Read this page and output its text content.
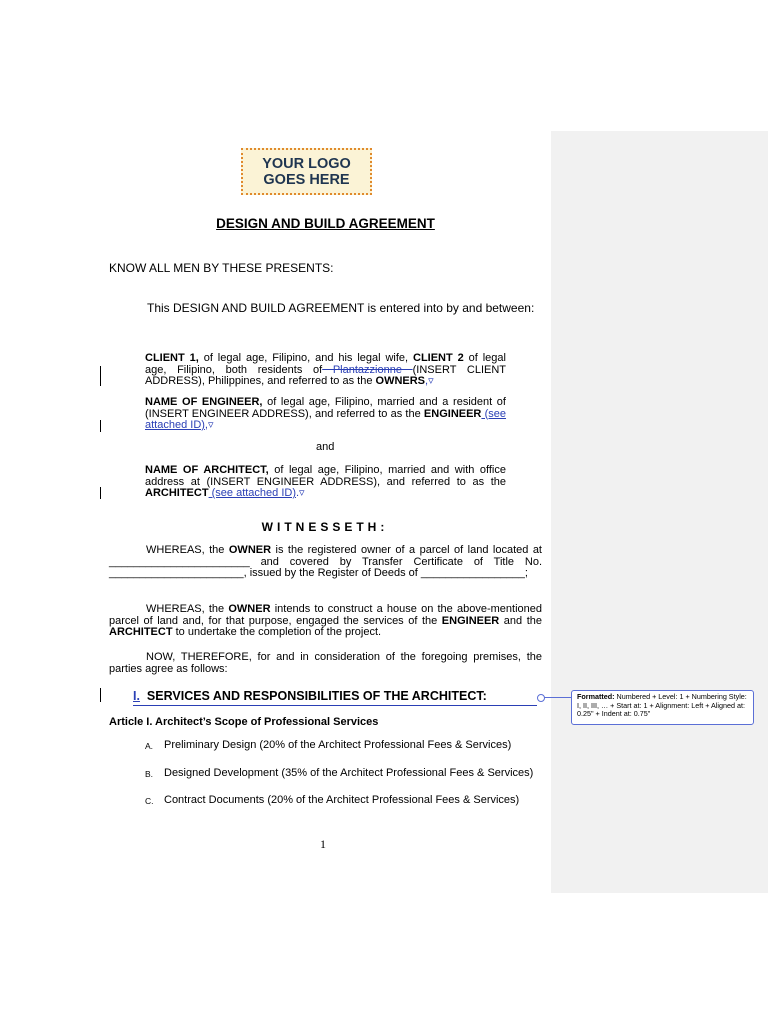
YOUR LOGO
GOES HERE
DESIGN AND BUILD AGREEMENT
KNOW ALL MEN BY THESE PRESENTS:
This DESIGN AND BUILD AGREEMENT is entered into by and between:
CLIENT 1, of legal age, Filipino, and his legal wife, CLIENT 2 of legal age, Filipino, both residents of Plantazzionne (INSERT CLIENT ADDRESS), Philippines, and referred to as the OWNERS,▿
NAME OF ENGINEER, of legal age, Filipino, married and a resident of (INSERT ENGINEER ADDRESS), and referred to as the ENGINEER (see attached ID),▿
and
NAME OF ARCHITECT, of legal age, Filipino, married and with office address at (INSERT ENGINEER ADDRESS), and referred to as the ARCHITECT (see attached ID).▿
WITNESSETH:
WHEREAS, the OWNER is the registered owner of a parcel of land located at _______________________ and covered by Transfer Certificate of Title No. ______________________, issued by the Register of Deeds of _________________;
WHEREAS, the OWNER intends to construct a house on the above-mentioned parcel of land and, for that purpose, engaged the services of the ENGINEER and the ARCHITECT to undertake the completion of the project.
NOW, THEREFORE, for and in consideration of the foregoing premises, the parties agree as follows:
I. SERVICES AND RESPONSIBILITIES OF THE ARCHITECT:
Article I. Architect’s Scope of Professional Services
A. Preliminary Design (20% of the Architect Professional Fees & Services)
B. Designed Development (35% of the Architect Professional Fees & Services)
C. Contract Documents (20% of the Architect Professional Fees & Services)
1
Formatted: Numbered + Level: 1 + Numbering Style: I, II, III, … + Start at: 1 + Alignment: Left + Aligned at: 0.25" + Indent at: 0.75"
